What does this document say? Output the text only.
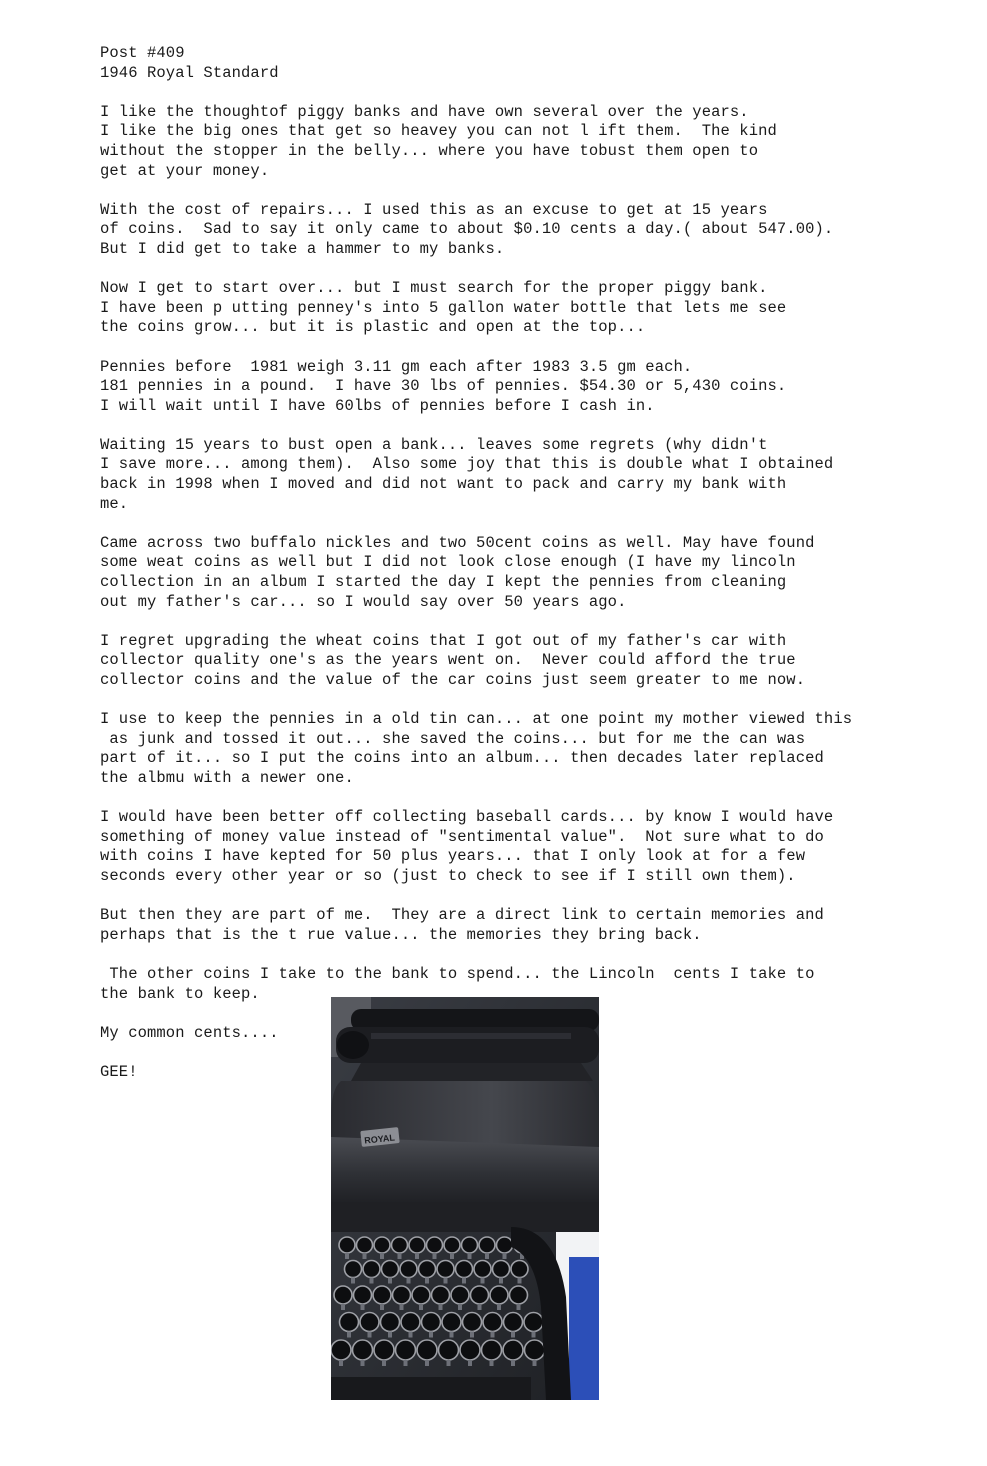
Post #409
1946 Royal Standard
I like the thoughtof piggy banks and have own several over the years.
I like the big ones that get so heavey you can not l ift them.  The kind
without the stopper in the belly... where you have tobust them open to
get at your money.
With the cost of repairs... I used this as an excuse to get at 15 years
of coins.  Sad to say it only came to about $0.10 cents a day.( about 547.00).
But I did get to take a hammer to my banks.
Now I get to start over... but I must search for the proper piggy bank.
I have been p utting penney's into 5 gallon water bottle that lets me see
the coins grow... but it is plastic and open at the top...
Pennies before  1981 weigh 3.11 gm each after 1983 3.5 gm each.
181 pennies in a pound.  I have 30 lbs of pennies. $54.30 or 5,430 coins.
I will wait until I have 60lbs of pennies before I cash in.
Waiting 15 years to bust open a bank... leaves some regrets (why didn't
I save more... among them).  Also some joy that this is double what I obtained
back in 1998 when I moved and did not want to pack and carry my bank with
me.
Came across two buffalo nickles and two 50cent coins as well. May have found
some weat coins as well but I did not look close enough (I have my lincoln
collection in an album I started the day I kept the pennies from cleaning
out my father's car... so I would say over 50 years ago.
I regret upgrading the wheat coins that I got out of my father's car with
collector quality one's as the years went on.  Never could afford the true
collector coins and the value of the car coins just seem greater to me now.
I use to keep the pennies in a old tin can... at one point my mother viewed this
as junk and tossed it out... she saved the coins... but for me the can was
part of it... so I put the coins into an album... then decades later replaced
the albmu with a newer one.
I would have been better off collecting baseball cards... by know I would have
something of money value instead of "sentimental value".  Not sure what to do
with coins I have kepted for 50 plus years... that I only look at for a few
seconds every other year or so (just to check to see if I still own them).
But then they are part of me.  They are a direct link to certain memories and
perhaps that is the t rue value... the memories they bring back.
The other coins I take to the bank to spend... the Lincoln  cents I take to
the bank to keep.
My common cents....
GEE!
ROYAL
